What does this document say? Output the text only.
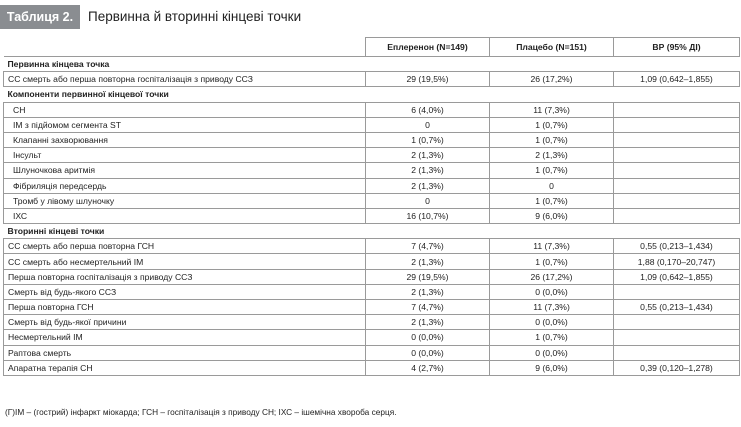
Таблиця 2.	Первинна й вторинні кінцеві точки
	Еплеренон (N=149)	Плацебо (N=151)	ВР (95% ДІ)
Первинна кінцева точка			
СС смерть або перша повторна госпіталізація з приводу ССЗ	29 (19,5%)	26 (17,2%)	1,09 (0,642–1,855)
Компоненти первинної кінцевої точки			
СН	6 (4,0%)	11 (7,3%)	
ІМ з підйомом сегмента ST	0	1 (0,7%)	
Клапанні захворювання	1 (0,7%)	1 (0,7%)	
Інсульт	2 (1,3%)	2 (1,3%)	
Шлуночкова аритмія	2 (1,3%)	1 (0,7%)	
Фібриляція передсердь	2 (1,3%)	0	
Тромб у лівому шлуночку	0	1 (0,7%)	
ІХС	16 (10,7%)	9 (6,0%)	
Вторинні кінцеві точки			
СС смерть або перша повторна ГСН	7 (4,7%)	11 (7,3%)	0,55 (0,213–1,434)
СС смерть або несмертельний ІМ	2 (1,3%)	1 (0,7%)	1,88 (0,170–20,747)
Перша повторна госпіталізація з приводу ССЗ	29 (19,5%)	26 (17,2%)	1,09 (0,642–1,855)
Смерть від будь-якого ССЗ	2 (1,3%)	0 (0,0%)	
Перша повторна ГСН	7 (4,7%)	11 (7,3%)	0,55 (0,213–1,434)
Смерть від будь-якої причини	2 (1,3%)	0 (0,0%)	
Несмертельний ІМ	0 (0,0%)	1 (0,7%)	
Раптова смерть	0 (0,0%)	0 (0,0%)	
Апаратна терапія СН	4 (2,7%)	9 (6,0%)	0,39 (0,120–1,278)
(Г)ІМ – (гострий) інфаркт міокарда; ГСН – госпіталізація з приводу СН; ІХС – ішемічна хвороба серця.
